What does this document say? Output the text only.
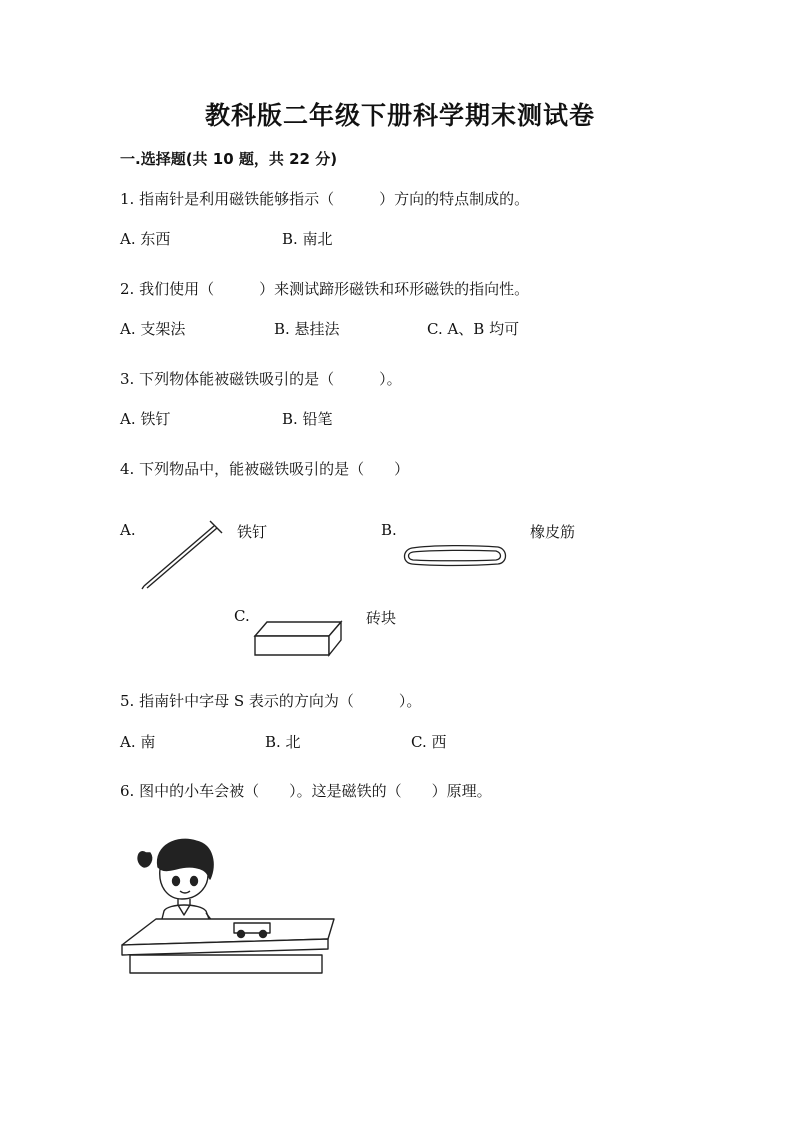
教科版二年级下册科学期末测试卷
一.选择题(共 10 题，共 22 分)
1. 指南针是利用磁铁能够指示（　　　）方向的特点制成的。
A. 东西	B. 南北
2. 我们使用（　　　）来测试蹄形磁铁和环形磁铁的指向性。
A. 支架法	B. 悬挂法	C. A、B 均可
3. 下列物体能被磁铁吸引的是（　　　）。
A. 铁钉	B. 铅笔
4. 下列物品中，能被磁铁吸引的是（　　）
A.	铁钉	B.	橡皮筋
C.	砖块
5. 指南针中字母 S 表示的方向为（　　　）。
A. 南	B. 北	C. 西
6. 图中的小车会被（　　）。这是磁铁的（　　）原理。
